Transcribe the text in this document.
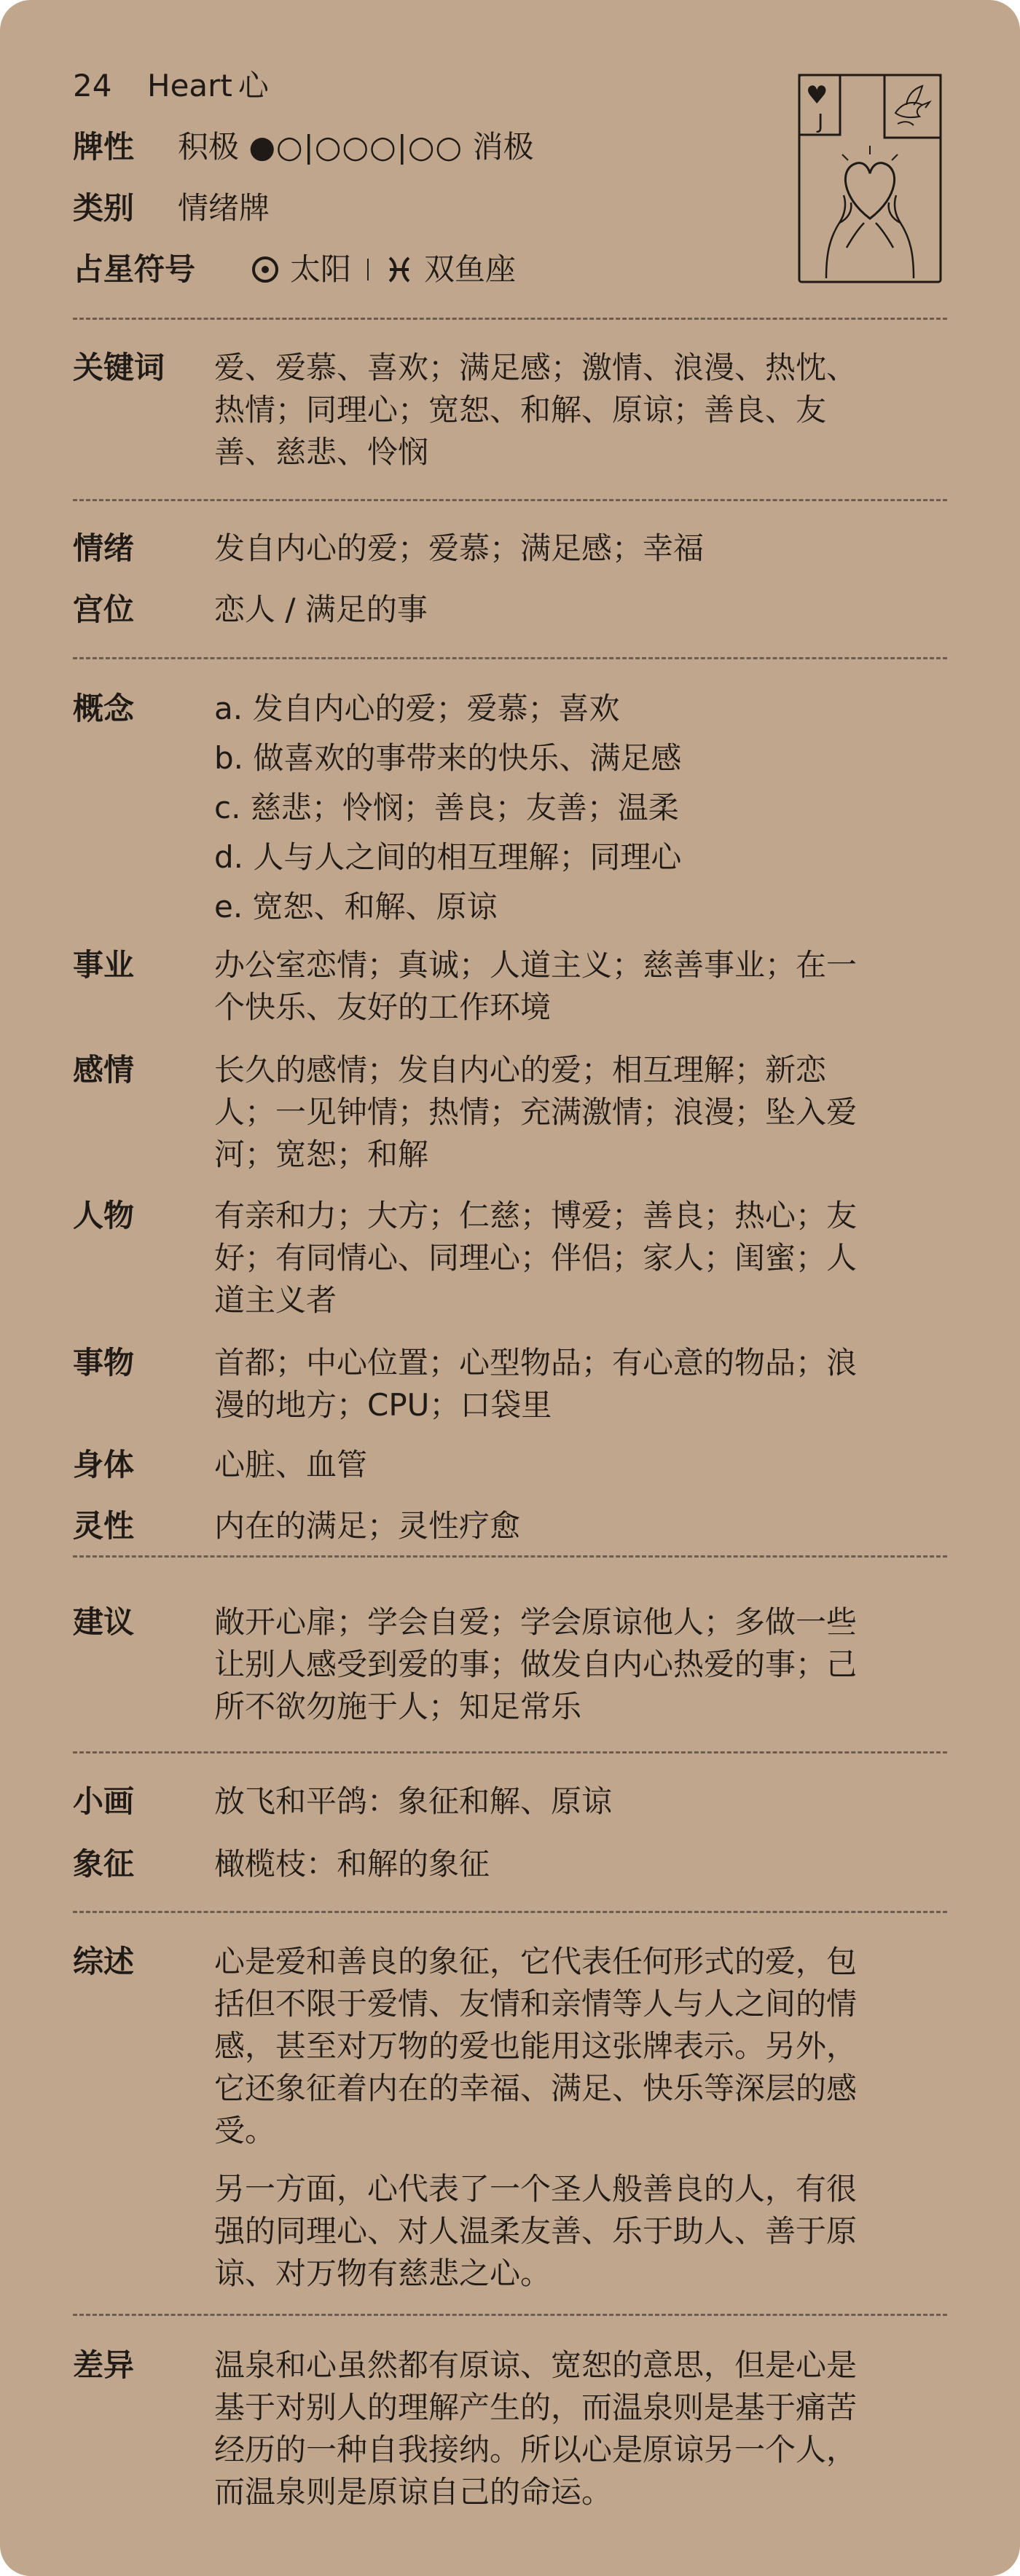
24 Heart 心
牌性 积极 ●○|○○○|○○ 消极
类别 情绪牌
占星符号	太阳 双鱼座
♥
J
关键词 爱、爱慕、喜欢；满足感；激情、浪漫、热忱、
热情；同理心；宽恕、和解、原谅；善良、友
善、慈悲、怜悯
情绪	发自内心的爱；爱慕；满足感；幸福
宫位	恋人 / 满足的事
概念	a. 发自内心的爱；爱慕；喜欢
b. 做喜欢的事带来的快乐、满足感
c. 慈悲；怜悯；善良；友善；温柔
d. 人与人之间的相互理解；同理心
e. 宽恕、和解、原谅
事业	办公室恋情；真诚；人道主义；慈善事业；在一
个快乐、友好的工作环境
感情	长久的感情；发自内心的爱；相互理解；新恋
人；一见钟情；热情；充满激情；浪漫；坠入爱
河；宽恕；和解
人物	有亲和力；大方；仁慈；博爱；善良；热心；友
好；有同情心、同理心；伴侣；家人；闺蜜；人
道主义者
事物	首都；中心位置；心型物品；有心意的物品；浪
漫的地方；CPU；口袋里
身体	心脏、血管
灵性	内在的满足；灵性疗愈
建议	敞开心扉；学会自爱；学会原谅他人；多做一些
让别人感受到爱的事；做发自内心热爱的事；己
所不欲勿施于人；知足常乐
小画	放飞和平鸽：象征和解、原谅
象征	橄榄枝：和解的象征
综述	心是爱和善良的象征，它代表任何形式的爱，包
括但不限于爱情、友情和亲情等人与人之间的情
感，甚至对万物的爱也能用这张牌表示。另外，
它还象征着内在的幸福、满足、快乐等深层的感
受。
另一方面，心代表了一个圣人般善良的人，有很
强的同理心、对人温柔友善、乐于助人、善于原
谅、对万物有慈悲之心。
差异	温泉和心虽然都有原谅、宽恕的意思，但是心是
基于对别人的理解产生的，而温泉则是基于痛苦
经历的一种自我接纳。所以心是原谅另一个人，
而温泉则是原谅自己的命运。
